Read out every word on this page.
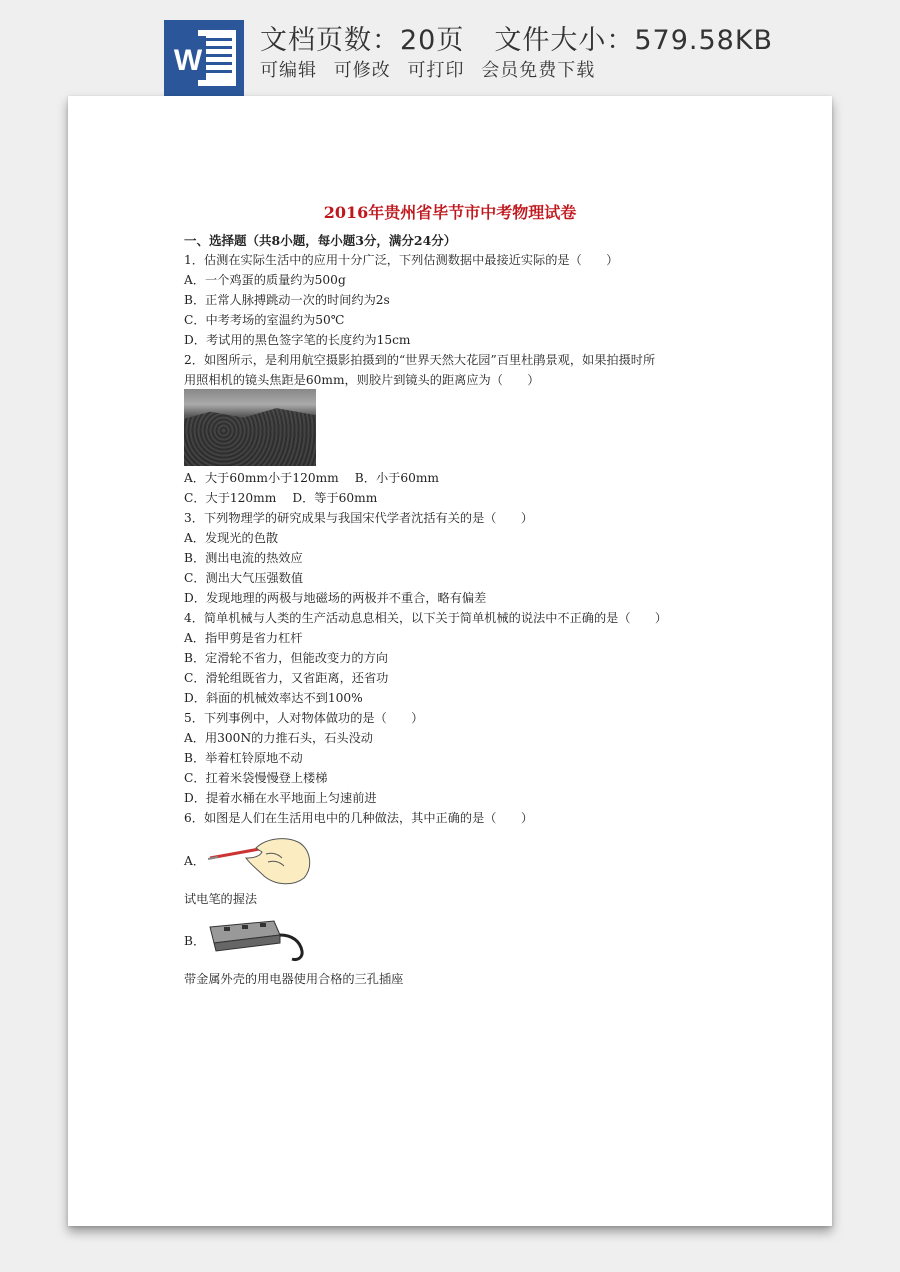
W
文档页数：20页 文件大小：579.58KB
可编辑 可修改 可打印 会员免费下载
2016年贵州省毕节市中考物理试卷
一、选择题（共8小题，每小题3分，满分24分）
1．估测在实际生活中的应用十分广泛，下列估测数据中最接近实际的是（　　）
A．一个鸡蛋的质量约为500g
B．正常人脉搏跳动一次的时间约为2s
C．中考考场的室温约为50℃
D．考试用的黑色签字笔的长度约为15cm
2．如图所示，是利用航空摄影拍摄到的“世界天然大花园”百里杜鹃景观，如果拍摄时所
用照相机的镜头焦距是60mm，则胶片到镜头的距离应为（　　）
A．大于60mm小于120mm　 B．小于60mm
C．大于120mm　 D．等于60mm
3．下列物理学的研究成果与我国宋代学者沈括有关的是（　　）
A．发现光的色散
B．测出电流的热效应
C．测出大气压强数值
D．发现地理的两极与地磁场的两极并不重合，略有偏差
4．简单机械与人类的生产活动息息相关，以下关于简单机械的说法中不正确的是（　　）
A．指甲剪是省力杠杆
B．定滑轮不省力，但能改变力的方向
C．滑轮组既省力，又省距离，还省功
D．斜面的机械效率达不到100%
5．下列事例中，人对物体做功的是（　　）
A．用300N的力推石头，石头没动
B．举着杠铃原地不动
C．扛着米袋慢慢登上楼梯
D．提着水桶在水平地面上匀速前进
6．如图是人们在生活用电中的几种做法，其中正确的是（　　）
A．
试电笔的握法
B．
带金属外壳的用电器使用合格的三孔插座
